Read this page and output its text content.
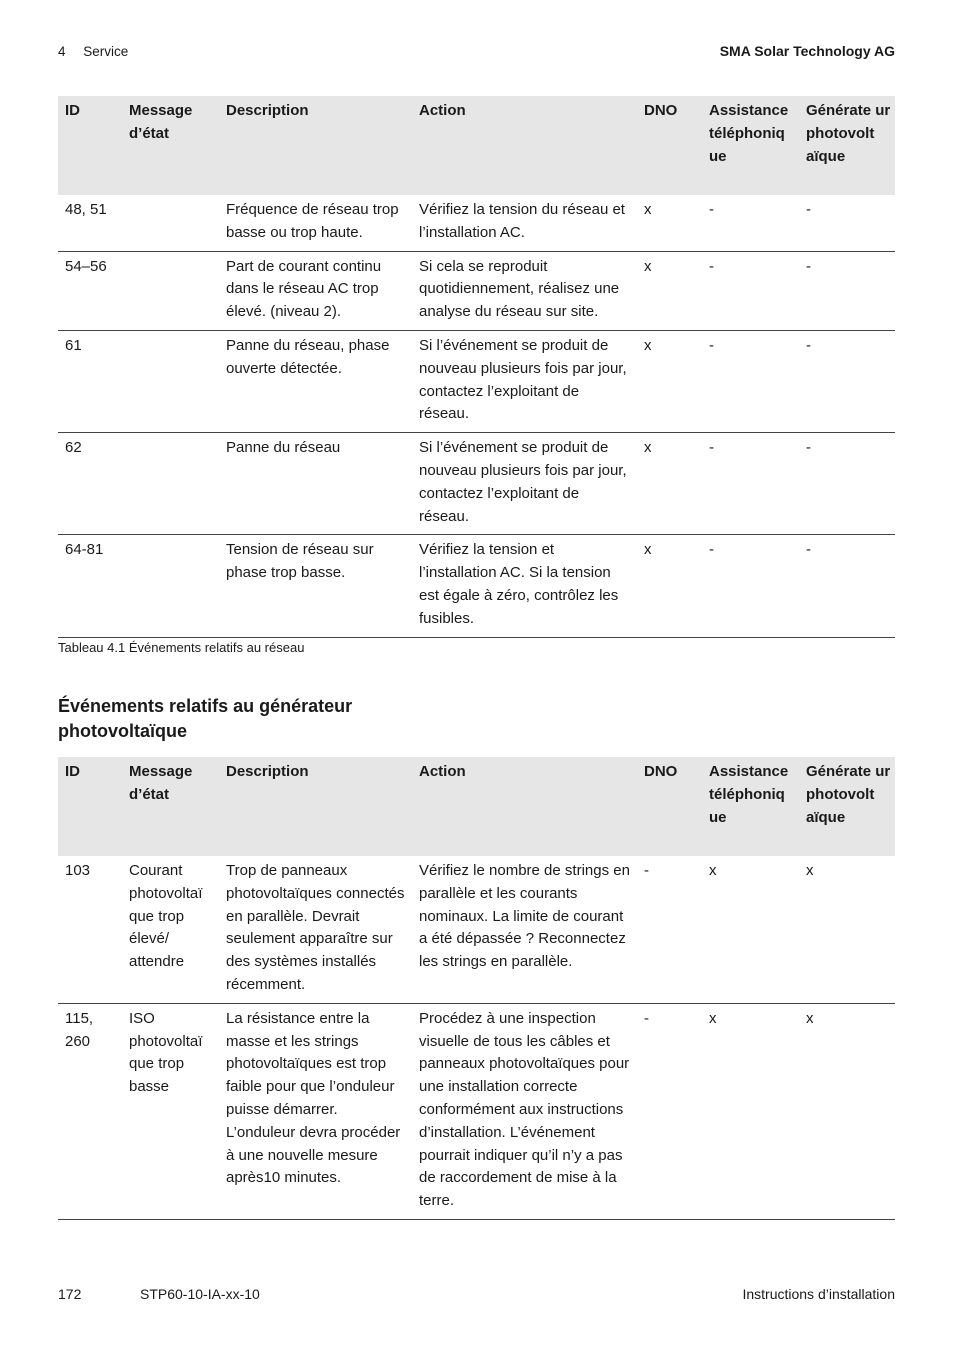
4 Service	SMA Solar Technology AG
ID	Message d’état	Description	Action	DNO	Assistance téléphoniq ue	Générate ur photovolt aïque
48, 51		Fréquence de réseau trop basse ou trop haute.	Vérifiez la tension du réseau et l’installation AC.	x	-	-
54–56		Part de courant continu dans le réseau AC trop élevé. (niveau 2).	Si cela se reproduit quotidiennement, réalisez une analyse du réseau sur site.	x	-	-
61		Panne du réseau, phase ouverte détectée.	Si l’événement se produit de nouveau plusieurs fois par jour, contactez l’exploitant de réseau.	x	-	-
62		Panne du réseau	Si l’événement se produit de nouveau plusieurs fois par jour, contactez l’exploitant de réseau.	x	-	-
64-81		Tension de réseau sur phase trop basse.	Vérifiez la tension et l’installation AC. Si la tension est égale à zéro, contrôlez les fusibles.	x	-	-
Tableau 4.1 Événements relatifs au réseau
Événements relatifs au générateur photovoltaïque
ID	Message d’état	Description	Action	DNO	Assistance téléphoniq ue	Générate ur photovolt aïque
103	Courant photovoltaï que trop élevé/ attendre	Trop de panneaux photovoltaïques connectés en parallèle. Devrait seulement apparaître sur des systèmes installés récemment.	Vérifiez le nombre de strings en parallèle et les courants nominaux. La limite de courant a été dépassée ? Reconnectez les strings en parallèle.	-	x	x
115, 260	ISO photovoltaï que trop basse	La résistance entre la masse et les strings photovoltaïques est trop faible pour que l’onduleur puisse démarrer. L’onduleur devra procéder à une nouvelle mesure après10 minutes.	Procédez à une inspection visuelle de tous les câbles et panneaux photovoltaïques pour une installation correcte conformément aux instructions d’installation. L’événement pourrait indiquer qu’il n’y a pas de raccordement de mise à la terre.	-	x	x
172	STP60-10-IA-xx-10	Instructions d’installation
